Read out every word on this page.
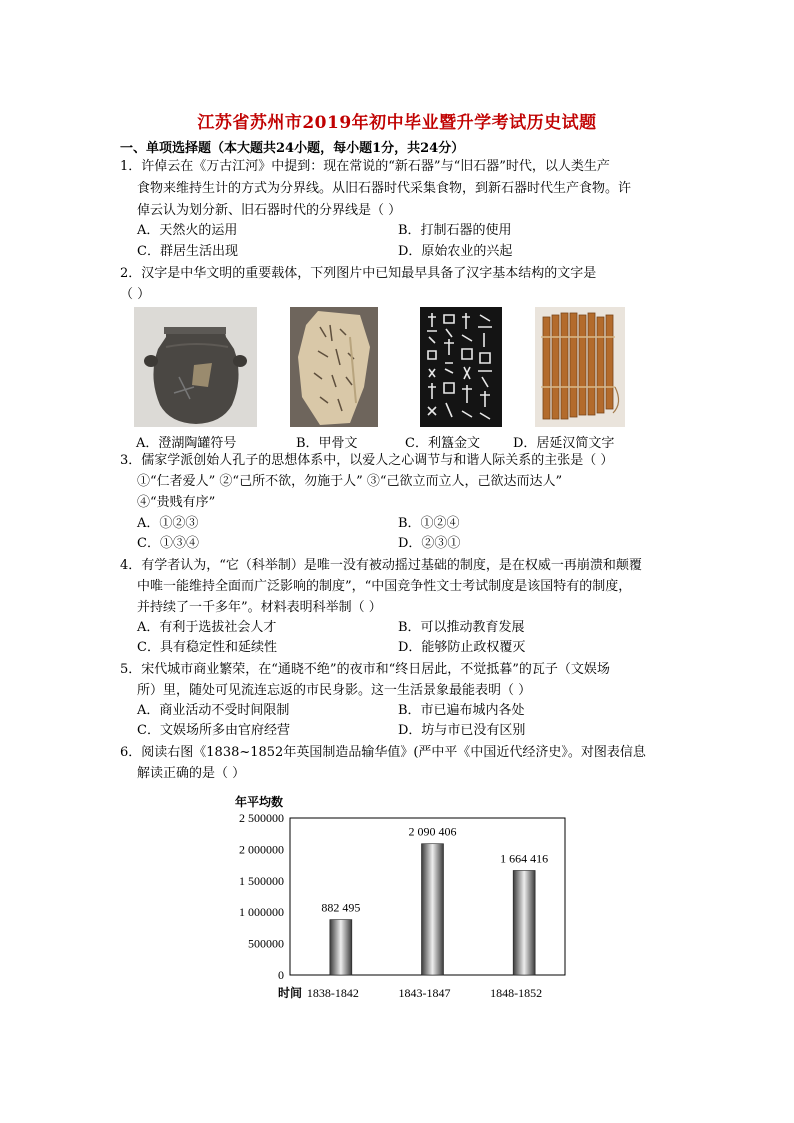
江苏省苏州市2019年初中毕业暨升学考试历史试题
一、单项选择题（本大题共24小题，每小题1分，共24分）
1．许倬云在《万古江河》中提到：现在常说的“新石器”与“旧石器”时代，以人类生产
食物来维持生计的方式为分界线。从旧石器时代采集食物，到新石器时代生产食物。许
倬云认为划分新、旧石器时代的分界线是（ ）
A．天然火的运用	B．打制石器的使用
C．群居生活出现	D．原始农业的兴起
2．汉字是中华文明的重要载体，下列图片中已知最早具备了汉字基本结构的文字是
（ ）
A．澄湖陶罐符号	B．甲骨文	C．利簋金文	D．居延汉简文字
3．儒家学派创始人孔子的思想体系中，以爱人之心调节与和谐人际关系的主张是（ ）
①“仁者爱人” ②“己所不欲，勿施于人” ③“己欲立而立人，己欲达而达人”
④“贵贱有序”
A．①②③	B．①②④
C．①③④	D．②③①
4．有学者认为，“它（科举制）是唯一没有被动摇过基础的制度，是在权威一再崩溃和颠覆
中唯一能维持全面而广泛影响的制度”，“中国竞争性文士考试制度是该国特有的制度，
并持续了一千多年”。材料表明科举制（ ）
A．有利于选拔社会人才	B．可以推动教育发展
C．具有稳定性和延续性	D．能够防止政权覆灭
5．宋代城市商业繁荣，在“通晓不绝”的夜市和“终日居此，不觉抵暮”的瓦子（文娱场
所）里，随处可见流连忘返的市民身影。这一生活景象最能表明（ ）
A．商业活动不受时间限制	B．市已遍布城内各处
C．文娱场所多由官府经营	D．坊与市已没有区别
6．阅读右图《1838~1852年英国制造品输华值》(严中平《中国近代经济史》。对图表信息
解读正确的是（ ）
年平均数
时间
0
500000
1 000000
1 500000
2 000000
2 500000
1838-1842	1843-1847	1848-1852
882 495
2 090 406
1 664 416
